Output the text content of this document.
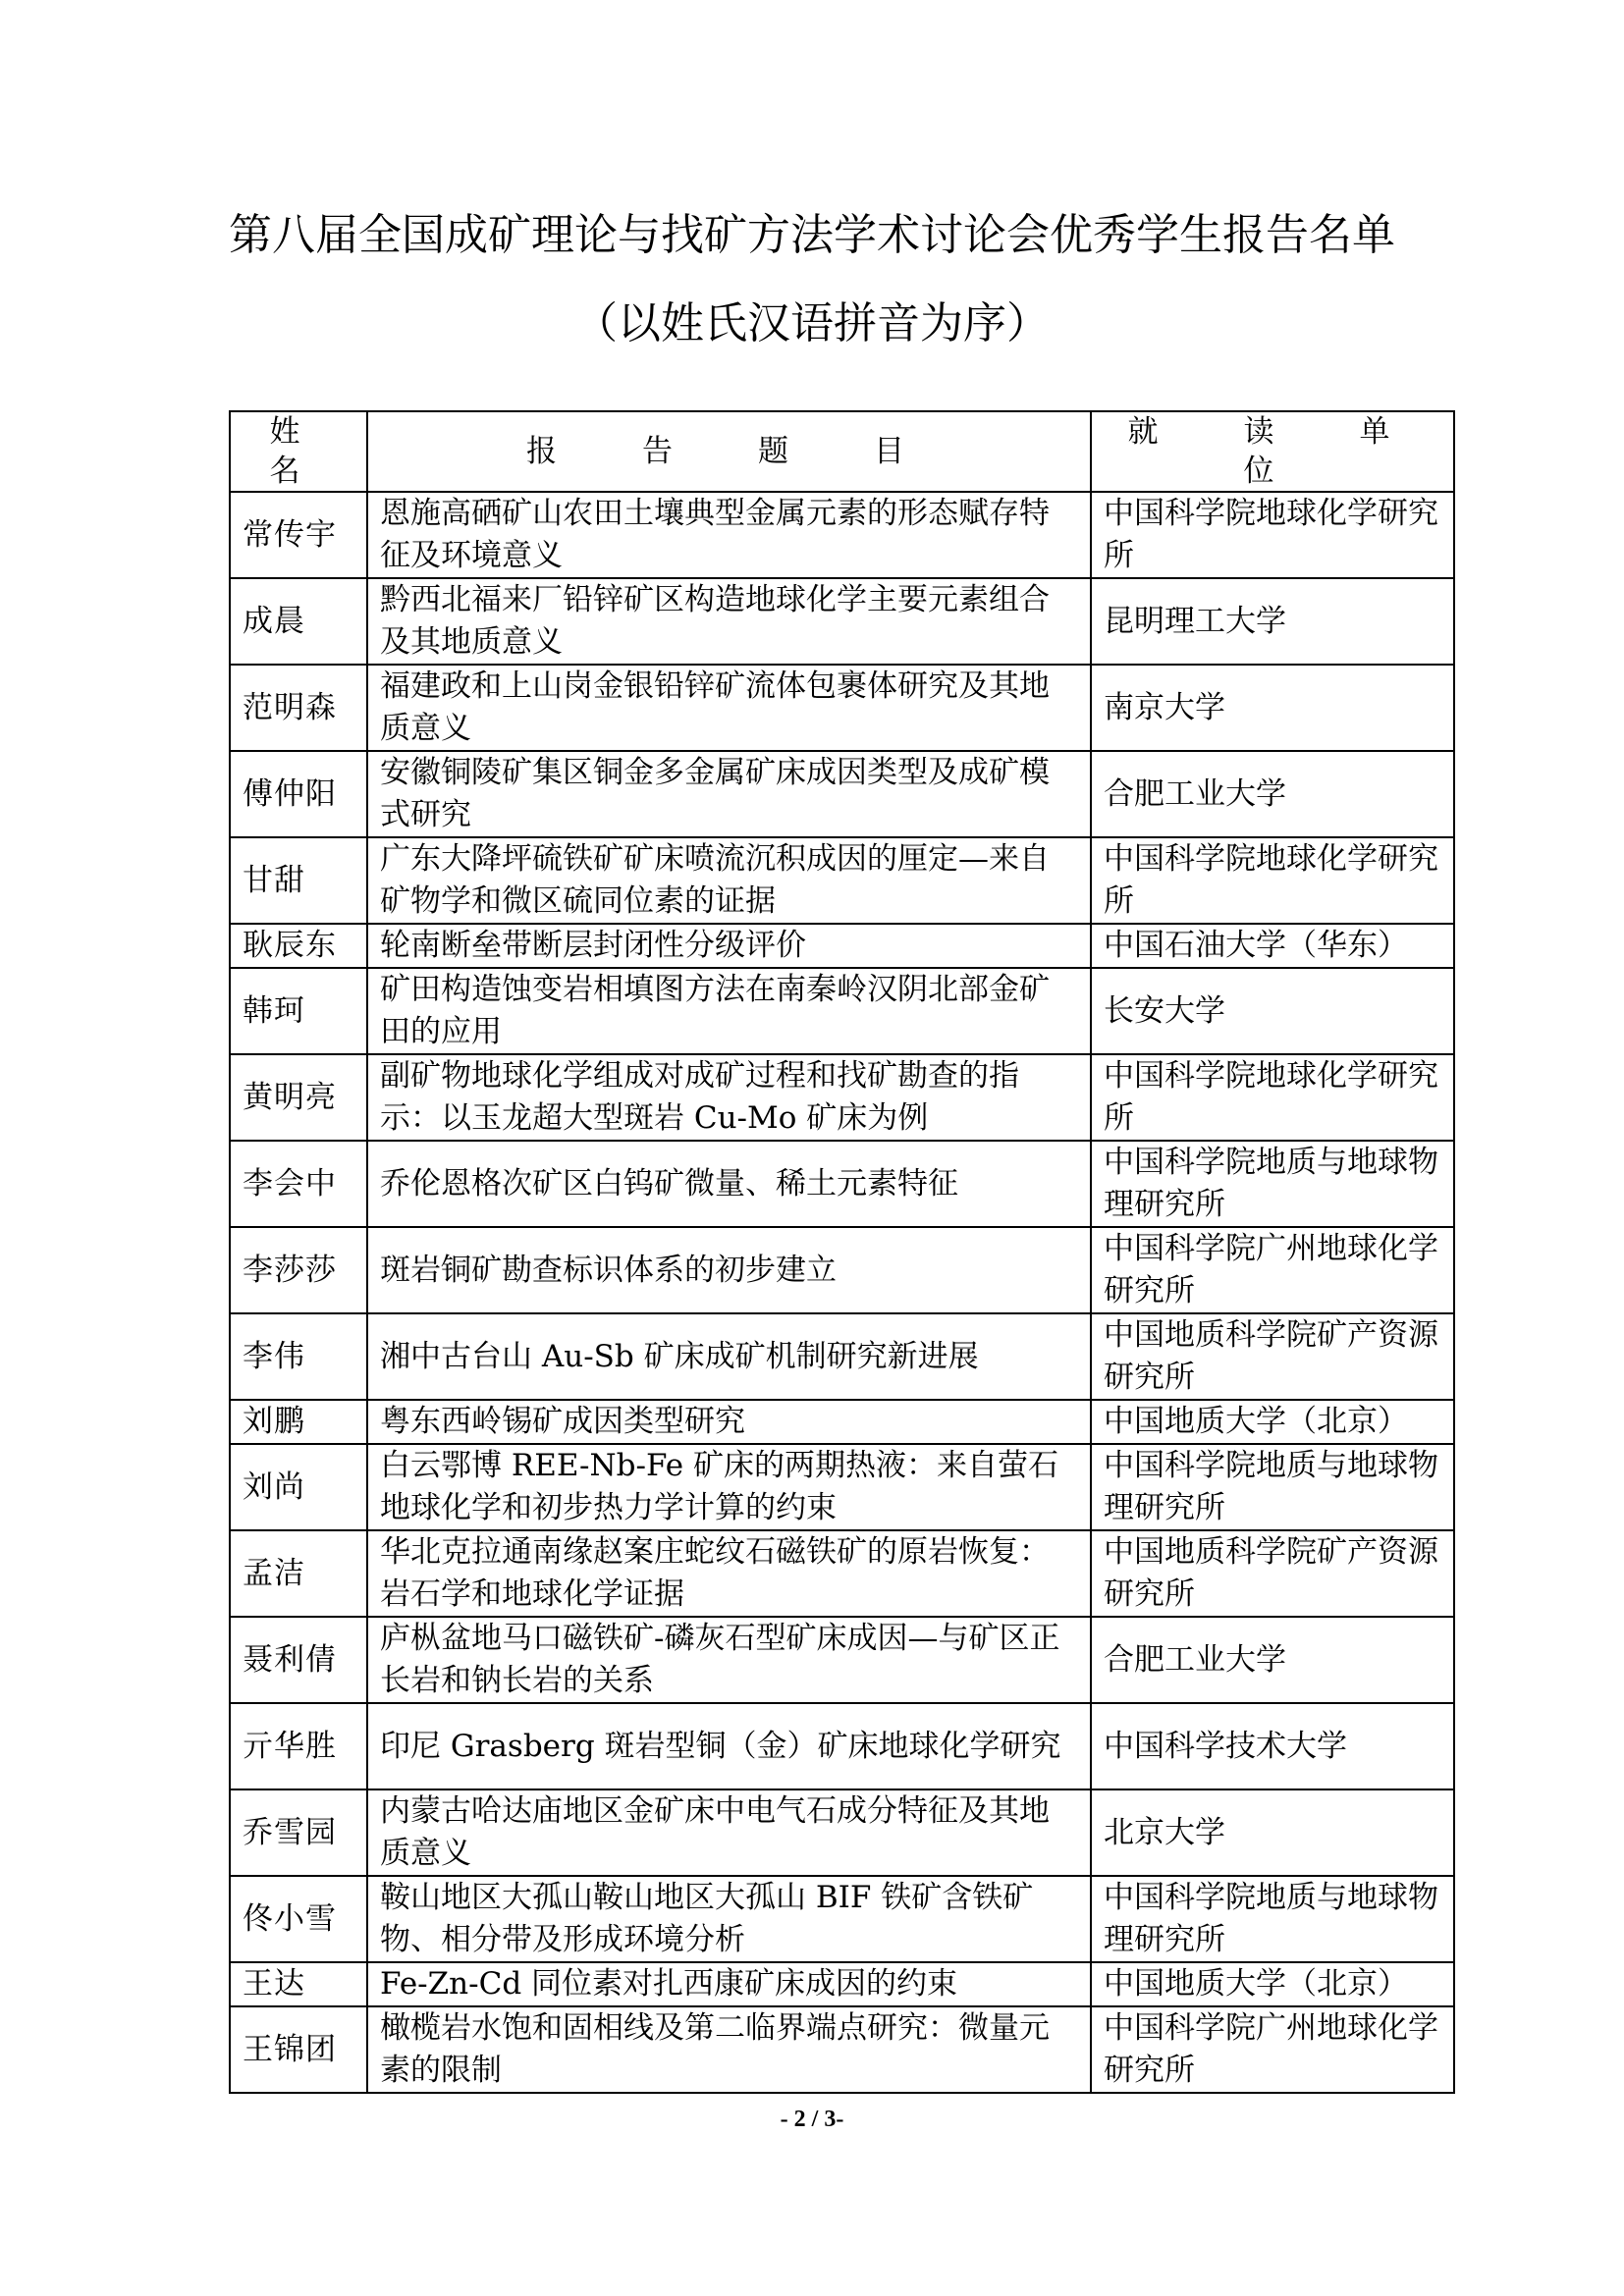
第八届全国成矿理论与找矿方法学术讨论会优秀学生报告名单
（以姓氏汉语拼音为序）
姓　名	报　告　题　目	就　读　单　位
常传宇	恩施高硒矿山农田土壤典型金属元素的形态赋存特征及环境意义	中国科学院地球化学研究所
成晨	黔西北福来厂铅锌矿区构造地球化学主要元素组合及其地质意义	昆明理工大学
范明森	福建政和上山岗金银铅锌矿流体包裹体研究及其地质意义	南京大学
傅仲阳	安徽铜陵矿集区铜金多金属矿床成因类型及成矿模式研究	合肥工业大学
甘甜	广东大降坪硫铁矿矿床喷流沉积成因的厘定—来自矿物学和微区硫同位素的证据	中国科学院地球化学研究所
耿辰东	轮南断垒带断层封闭性分级评价	中国石油大学（华东）
韩珂	矿田构造蚀变岩相填图方法在南秦岭汉阴北部金矿田的应用	长安大学
黄明亮	副矿物地球化学组成对成矿过程和找矿勘查的指示：以玉龙超大型斑岩 Cu-Mo 矿床为例	中国科学院地球化学研究所
李会中	乔伦恩格次矿区白钨矿微量、稀土元素特征	中国科学院地质与地球物理研究所
李莎莎	斑岩铜矿勘查标识体系的初步建立	中国科学院广州地球化学研究所
李伟	湘中古台山 Au-Sb 矿床成矿机制研究新进展	中国地质科学院矿产资源研究所
刘鹏	粤东西岭锡矿成因类型研究	中国地质大学（北京）
刘尚	白云鄂博 REE-Nb-Fe 矿床的两期热液：来自萤石地球化学和初步热力学计算的约束	中国科学院地质与地球物理研究所
孟洁	华北克拉通南缘赵案庄蛇纹石磁铁矿的原岩恢复：岩石学和地球化学证据	中国地质科学院矿产资源研究所
聂利倩	庐枞盆地马口磁铁矿-磷灰石型矿床成因—与矿区正长岩和钠长岩的关系	合肥工业大学
亓华胜	印尼 Grasberg 斑岩型铜（金）矿床地球化学研究	中国科学技术大学
乔雪园	内蒙古哈达庙地区金矿床中电气石成分特征及其地质意义	北京大学
佟小雪	鞍山地区大孤山鞍山地区大孤山 BIF 铁矿含铁矿物、相分带及形成环境分析	中国科学院地质与地球物理研究所
王达	Fe-Zn-Cd 同位素对扎西康矿床成因的约束	中国地质大学（北京）
王锦团	橄榄岩水饱和固相线及第二临界端点研究：微量元素的限制	中国科学院广州地球化学研究所
- 2 / 3-
